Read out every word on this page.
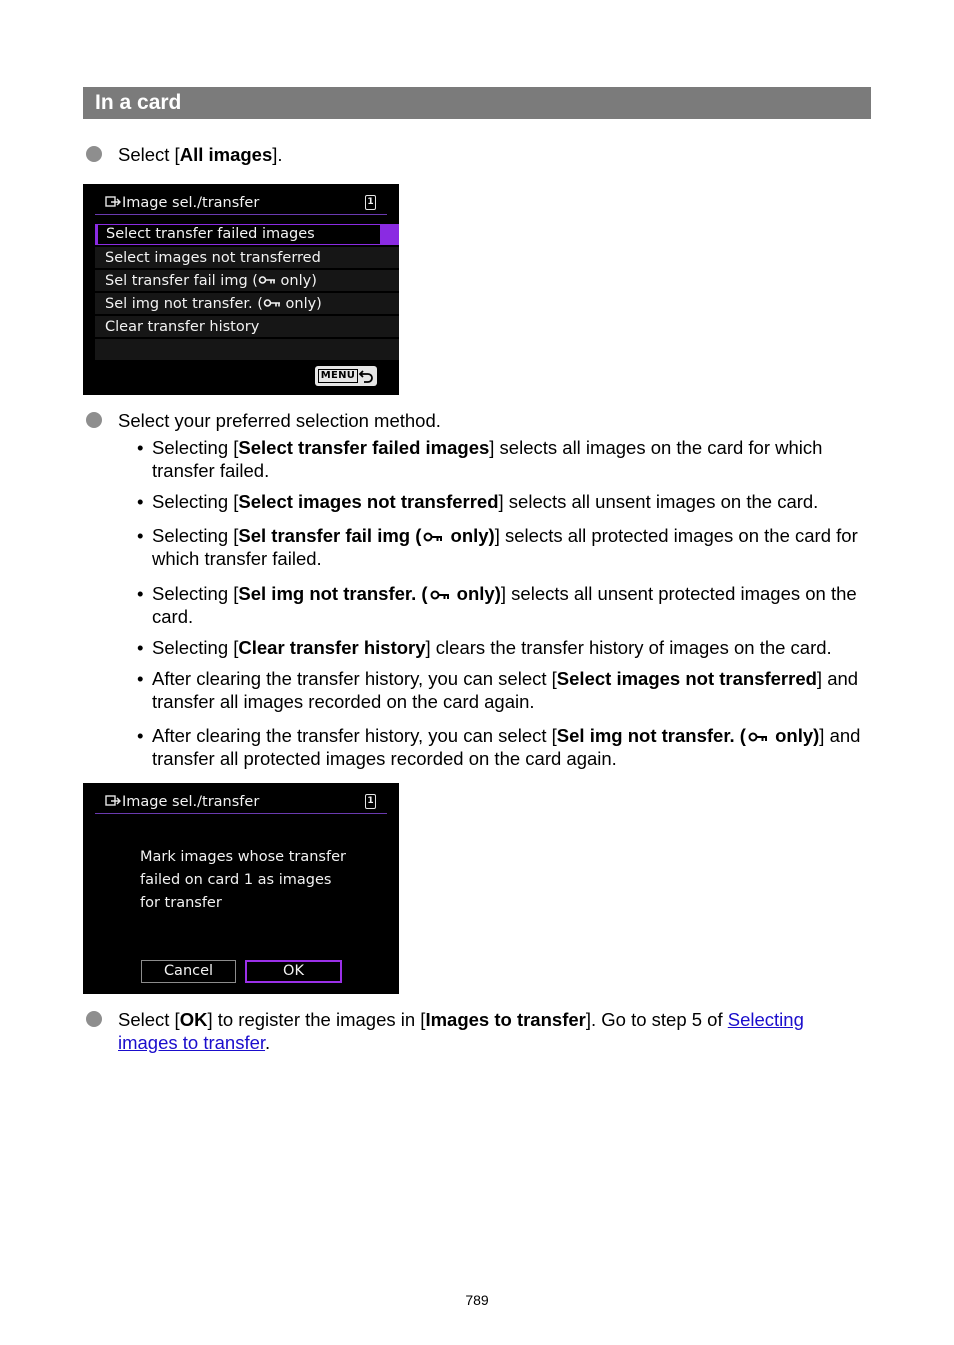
In a card
Select [All images].
Image sel./transfer	1
Select transfer failed images
Select images not transferred
Sel transfer fail img ( only)
Sel img not transfer. ( only)
Clear transfer history
MENU
Select your preferred selection method.
• Selecting [Select transfer failed images] selects all images on the card for which transfer failed.
• Selecting [Select images not transferred] selects all unsent images on the card.
• Selecting [Sel transfer fail img ( only)] selects all protected images on the card for which transfer failed.
• Selecting [Sel img not transfer. ( only)] selects all unsent protected images on the card.
• Selecting [Clear transfer history] clears the transfer history of images on the card.
• After clearing the transfer history, you can select [Select images not transferred] and transfer all images recorded on the card again.
• After clearing the transfer history, you can select [Sel img not transfer. ( only)] and transfer all protected images recorded on the card again.
Image sel./transfer	1
Mark images whose transfer
failed on card 1 as images
for transfer
Cancel	OK
Select [OK] to register the images in [Images to transfer]. Go to step 5 of Selecting images to transfer.
789
